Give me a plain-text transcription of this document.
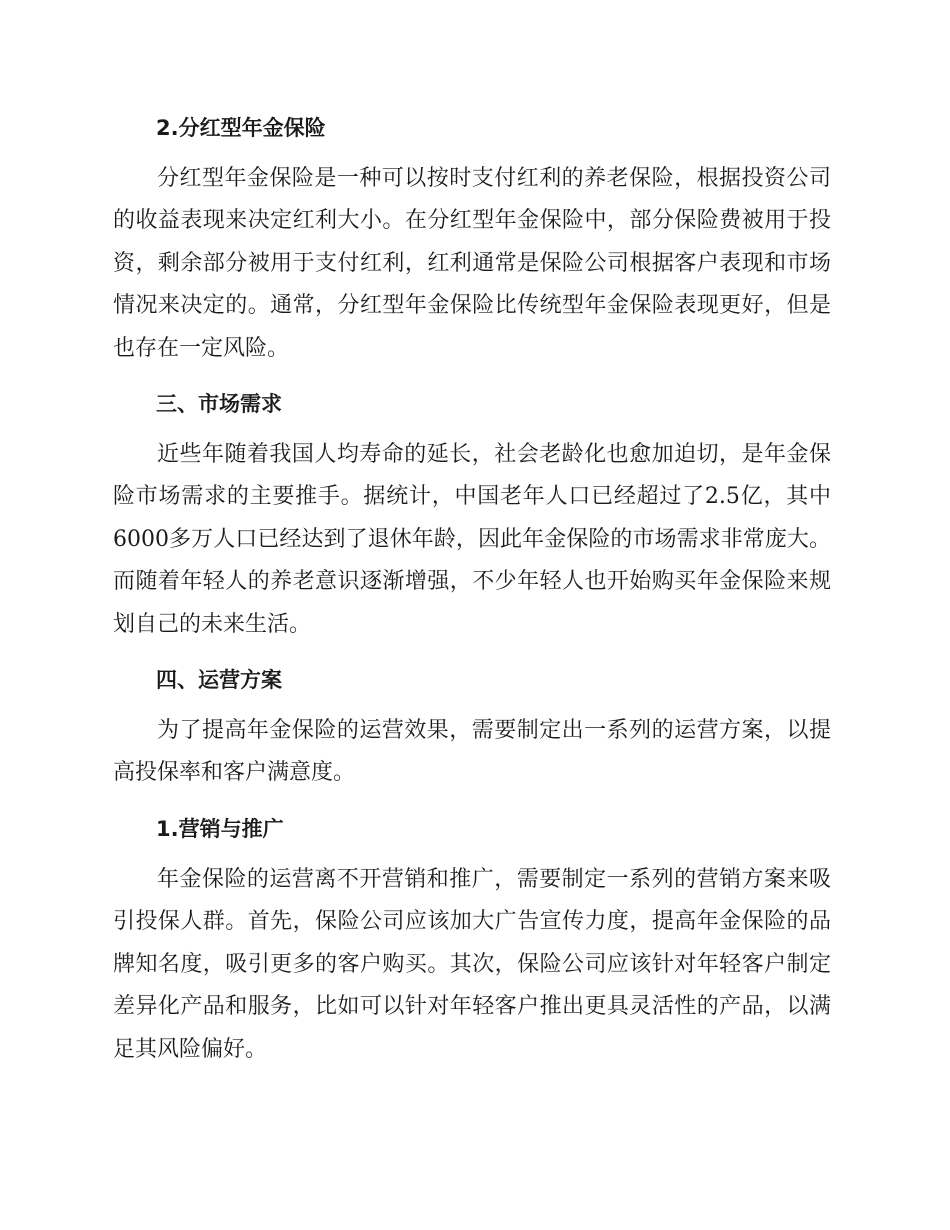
2.分红型年金保险

分红型年金保险是一种可以按时支付红利的养老保险，根据投资公司的收益表现来决定红利大小。在分红型年金保险中，部分保险费被用于投资，剩余部分被用于支付红利，红利通常是保险公司根据客户表现和市场情况来决定的。通常，分红型年金保险比传统型年金保险表现更好，但是也存在一定风险。

三、市场需求

近些年随着我国人均寿命的延长，社会老龄化也愈加迫切，是年金保险市场需求的主要推手。据统计，中国老年人口已经超过了2.5亿，其中6000多万人口已经达到了退休年龄，因此年金保险的市场需求非常庞大。而随着年轻人的养老意识逐渐增强，不少年轻人也开始购买年金保险来规划自己的未来生活。

四、运营方案

为了提高年金保险的运营效果，需要制定出一系列的运营方案，以提高投保率和客户满意度。

1.营销与推广

年金保险的运营离不开营销和推广，需要制定一系列的营销方案来吸引投保人群。首先，保险公司应该加大广告宣传力度，提高年金保险的品牌知名度，吸引更多的客户购买。其次，保险公司应该针对年轻客户制定差异化产品和服务，比如可以针对年轻客户推出更具灵活性的产品，以满足其风险偏好。
